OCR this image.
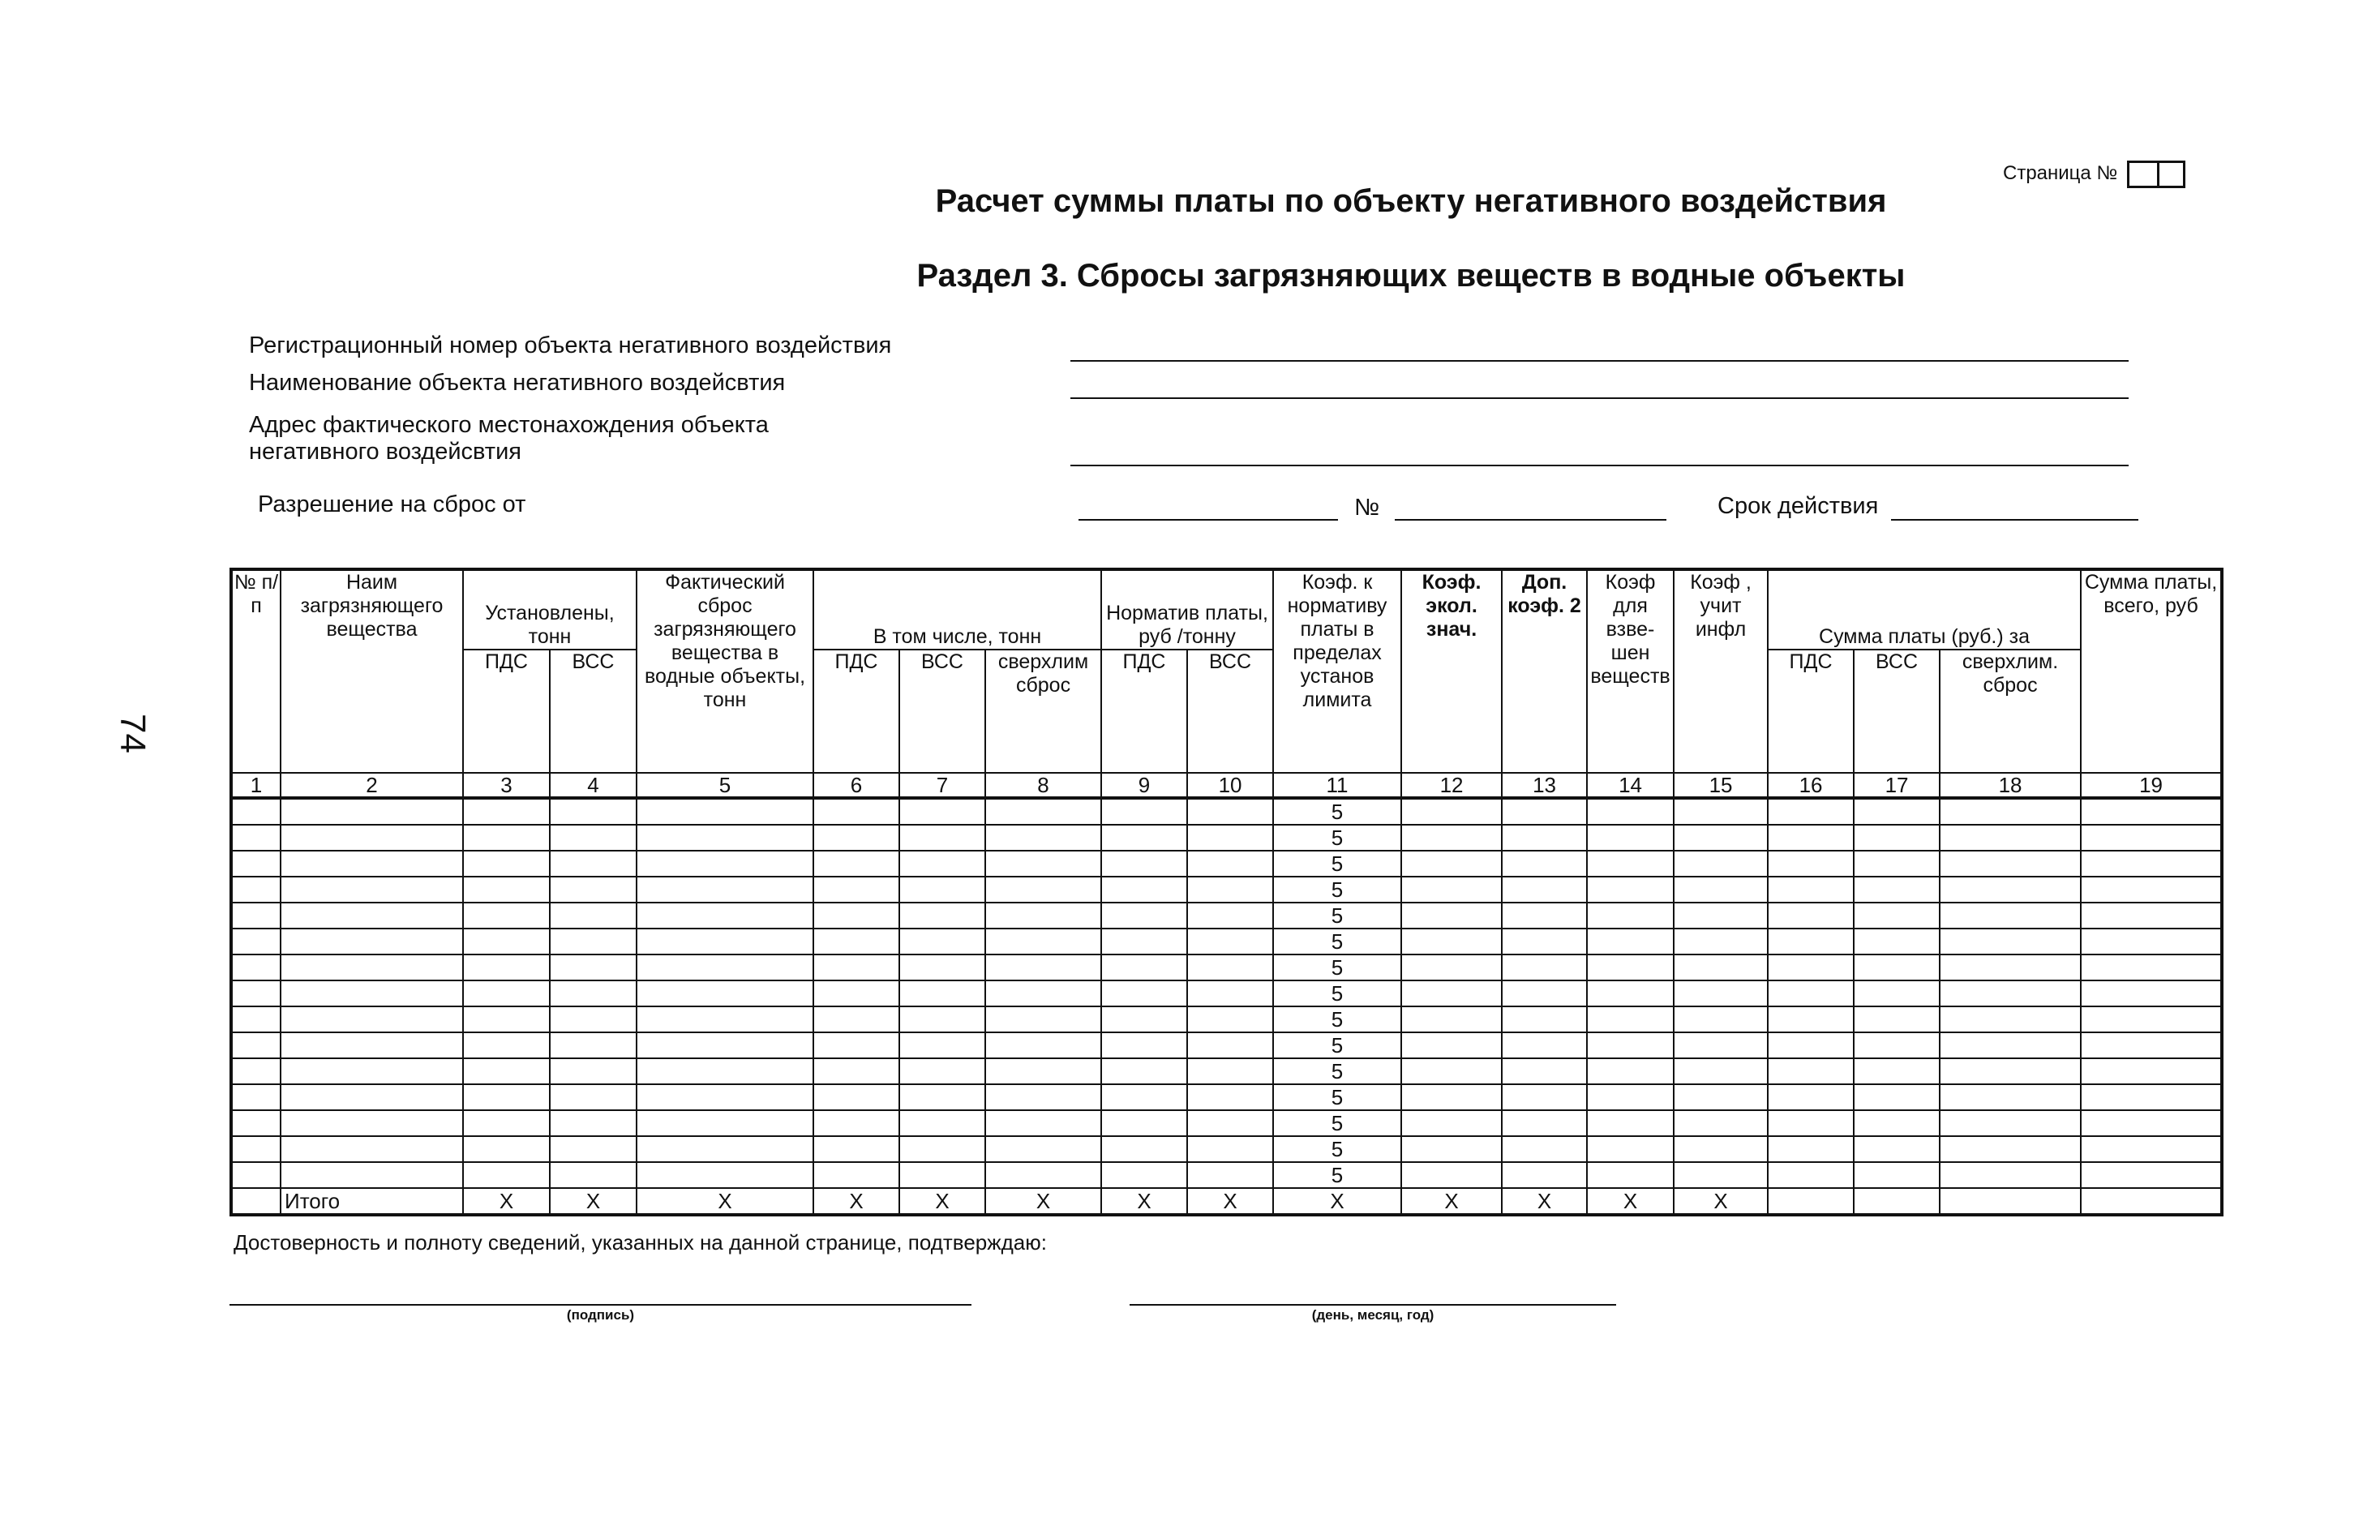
Страница №
74
Расчет суммы платы по объекту негативного воздействия
Раздел 3. Сбросы загрязняющих веществ в водные объекты
Регистрационный номер объекта негативного воздействия
Наименование объекта негативного воздейсвтия
Адрес фактического местонахождения объекта
негативного воздейсвтия
Разрешение на сброс от	№	Срок действия
№ п/п	Наим загрязняющего вещества	Установлены, тонн		Фактический сброс загрязняющего вещества в водные объекты, тонн	В том числе, тонн			Норматив платы, руб /тонну		Коэф. к нормативу платы в пределах установ лимита	Коэф. экол. знач.	Доп. коэф. 2	Коэф для взве- шен веществ	Коэф , учит инфл	Сумма платы (руб.) за			Сумма платы, всего, руб
		ПДС	ВСС		ПДС	ВСС	сверхлим сброс	ПДС	ВСС						ПДС	ВСС	сверхлим. сброс	
1	2	3	4	5	6	7	8	9	10	11	12	13	14	15	16	17	18	19
										5								
										5								
										5								
										5								
										5								
										5								
										5								
										5								
										5								
										5								
										5								
										5								
										5								
										5								
										5								
	Итого	X	X	X	X	X	X	X	X	X	X	X	X	X				
Достоверность и полноту сведений, указанных на данной странице, подтверждаю:
(подпись)	(день, месяц, год)
